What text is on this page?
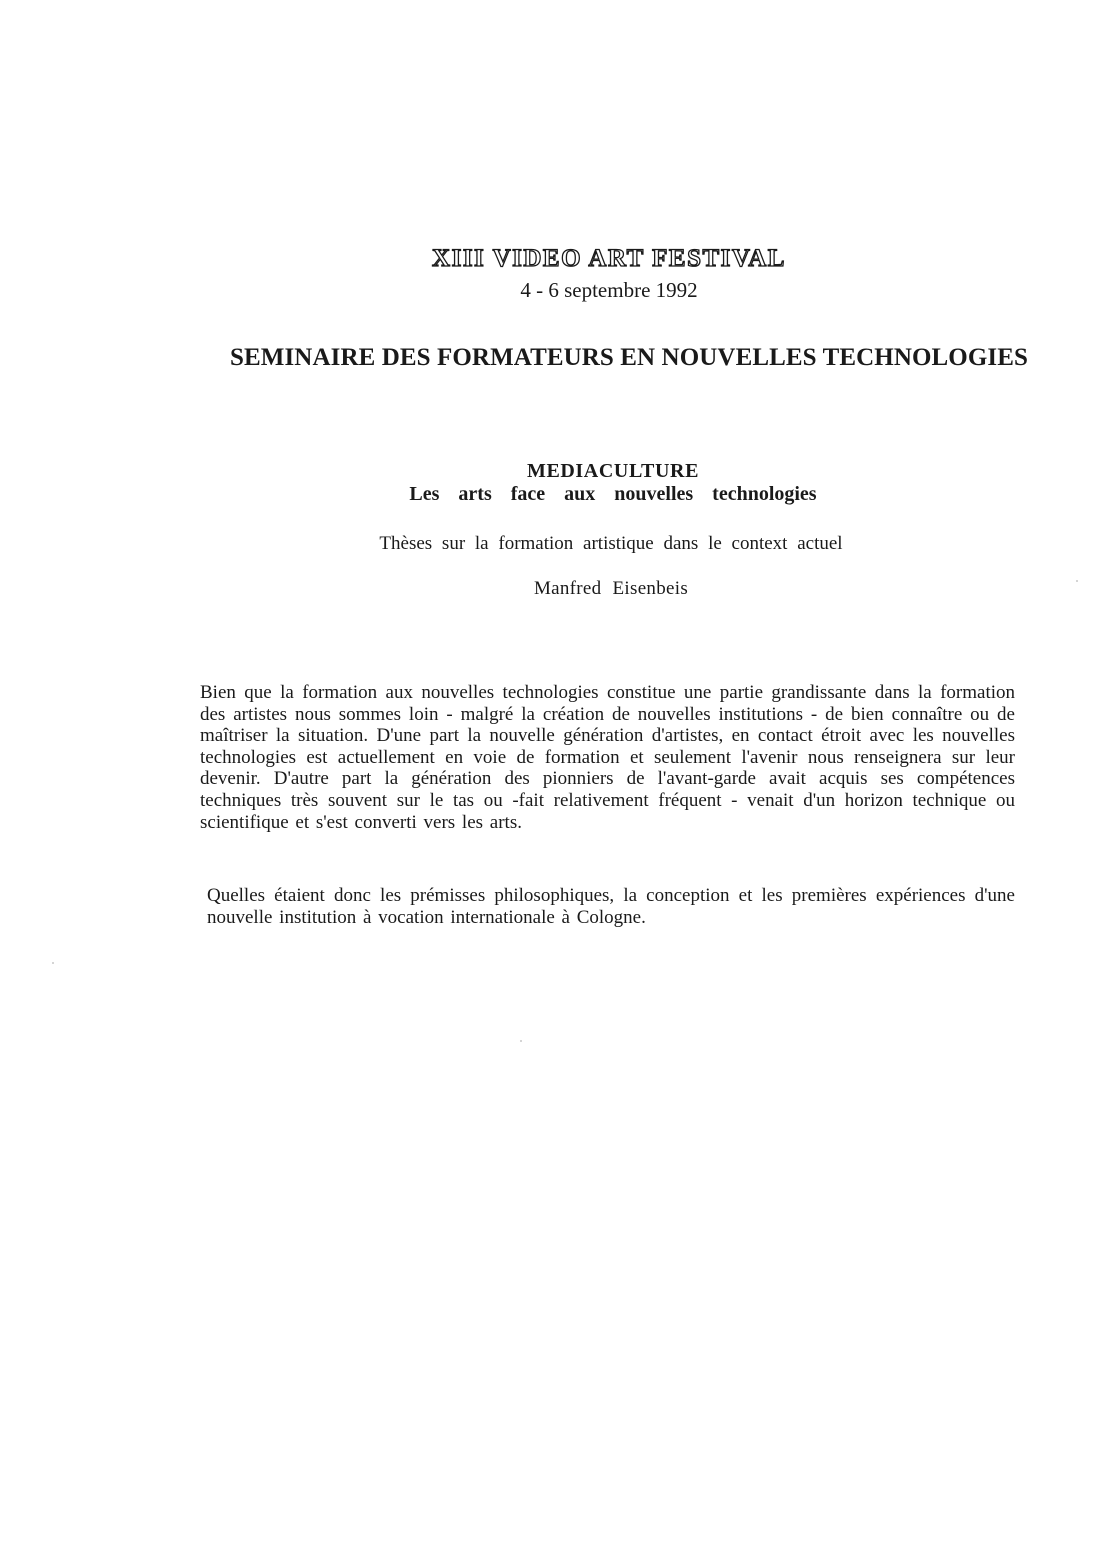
XIII VIDEO ART FESTIVAL
4 - 6 septembre 1992
SEMINAIRE DES FORMATEURS EN NOUVELLES TECHNOLOGIES
MEDIACULTURE
Les arts face aux nouvelles technologies
Thèses sur la formation artistique dans le context actuel
Manfred Eisenbeis

Bien que la formation aux nouvelles technologies constitue une partie grandissante dans la formation des artistes nous sommes loin - malgré la création de nouvelles institutions - de bien connaître ou de maîtriser la situation. D'une part la nouvelle génération d'artistes, en contact étroit avec les nouvelles technologies est actuellement en voie de formation et seulement l'avenir nous renseignera sur leur devenir. D'autre part la génération des pionniers de l'avant-garde avait acquis ses compétences techniques très souvent sur le tas ou -fait relativement fréquent - venait d'un horizon technique ou scientifique et s'est converti vers les arts.

Quelles étaient donc les prémisses philosophiques, la conception et les premières expériences d'une nouvelle institution à vocation internationale à Cologne.
